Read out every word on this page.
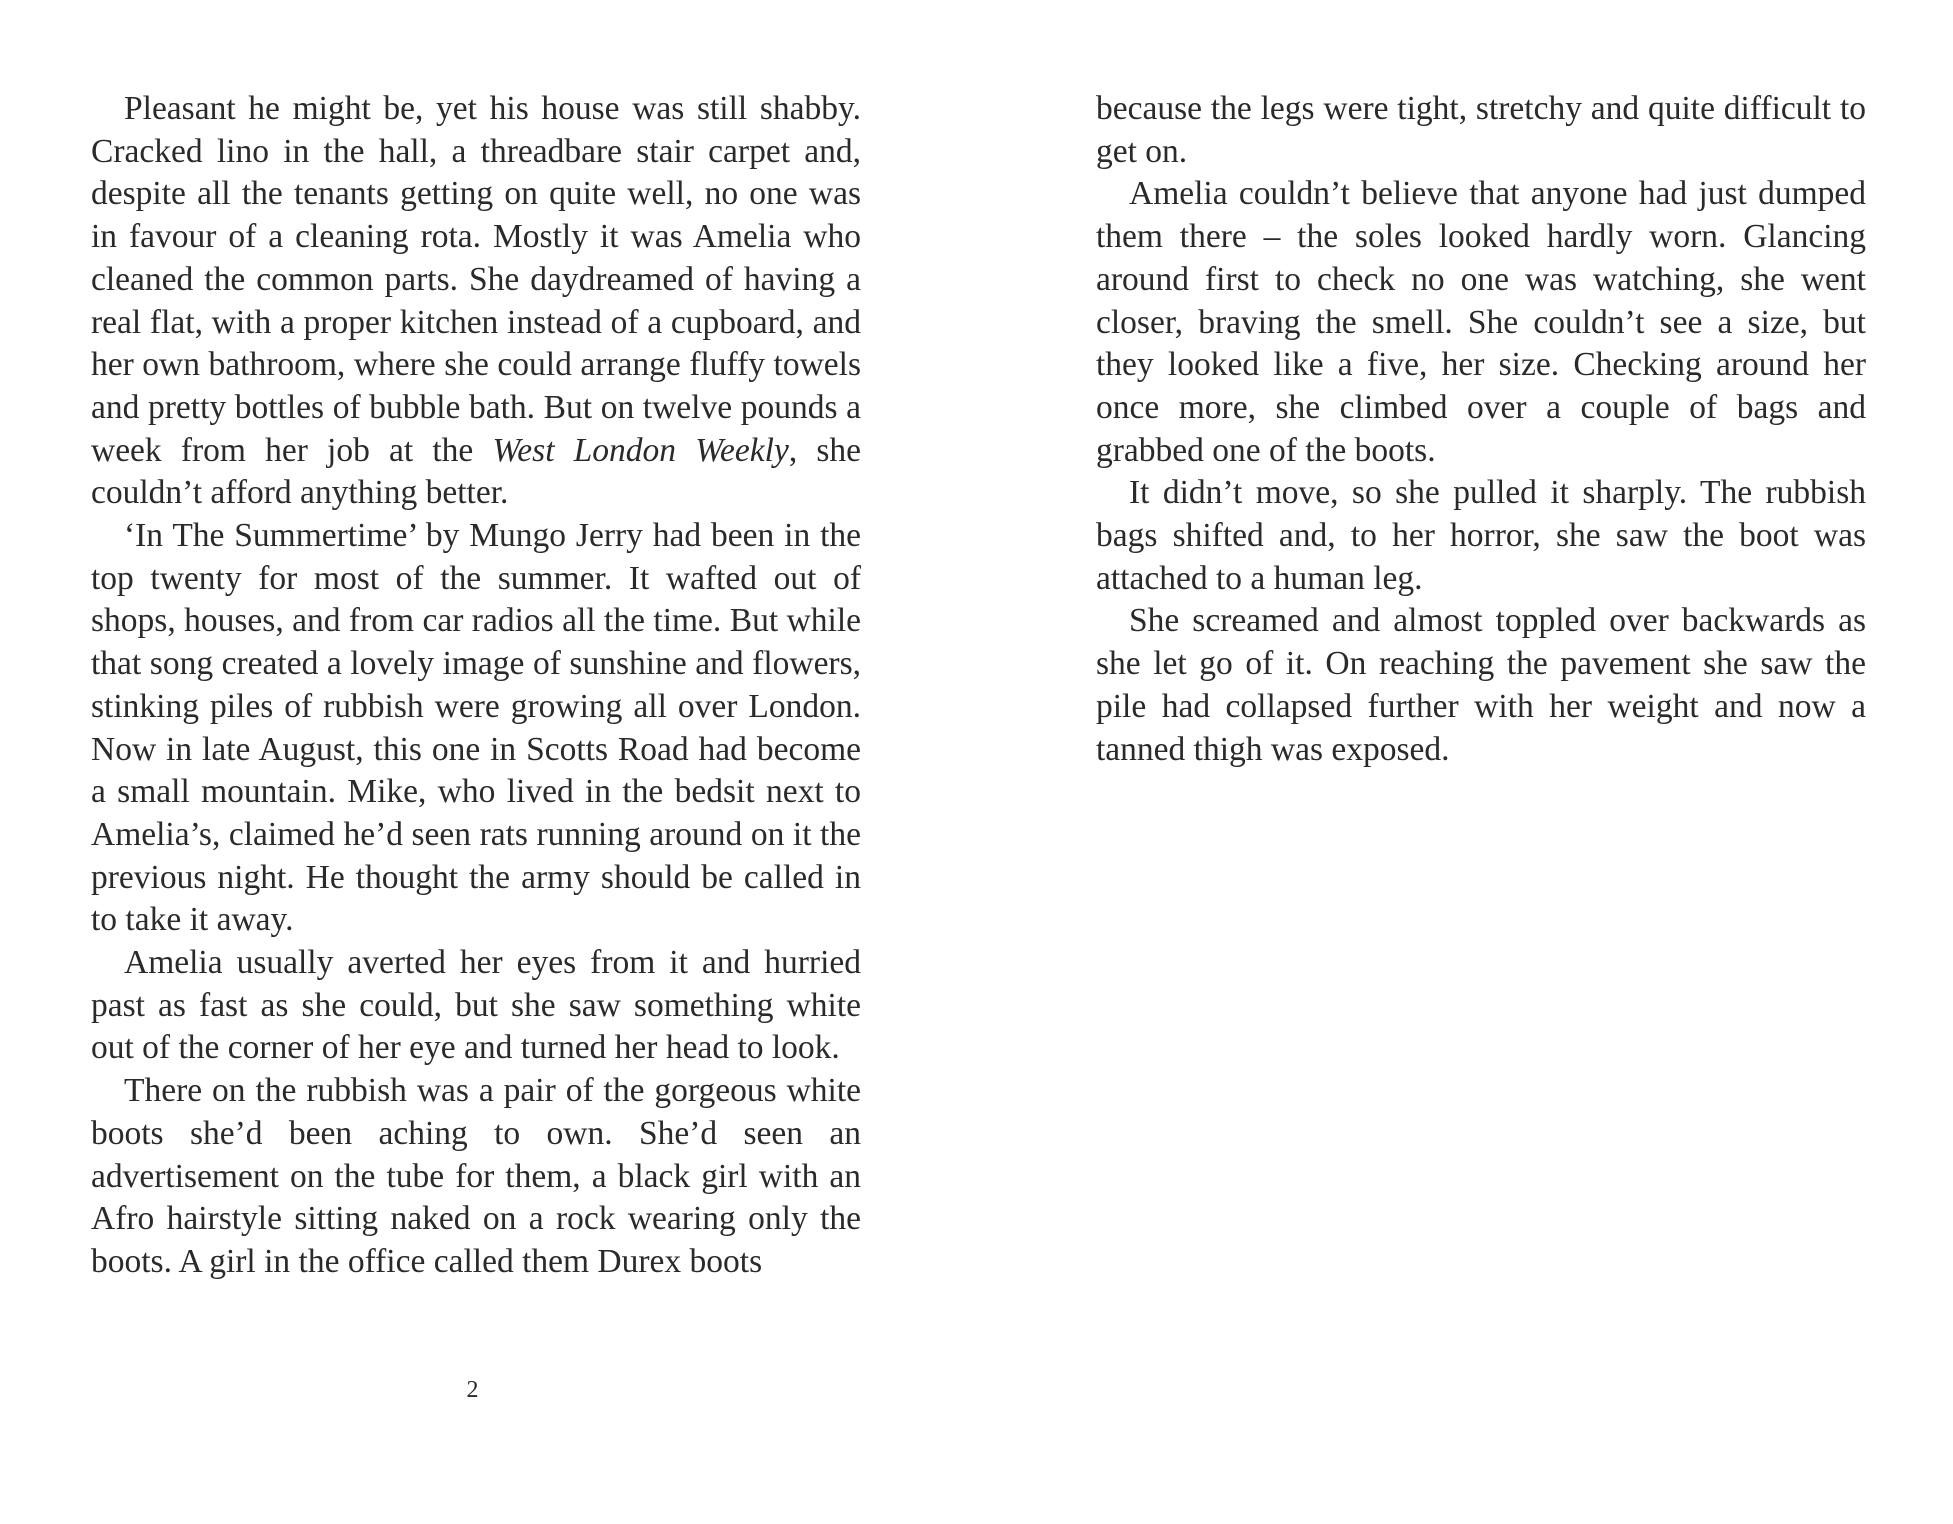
Pleasant he might be, yet his house was still shabby. Cracked lino in the hall, a threadbare stair carpet and, despite all the tenants getting on quite well, no one was in favour of a cleaning rota. Mostly it was Amelia who cleaned the common parts. She daydreamed of having a real flat, with a proper kitchen instead of a cupboard, and her own bathroom, where she could arrange fluffy towels and pretty bottles of bubble bath. But on twelve pounds a week from her job at the West London Weekly, she couldn’t afford anything better.

‘In The Summertime’ by Mungo Jerry had been in the top twenty for most of the summer. It wafted out of shops, houses, and from car radios all the time. But while that song created a lovely image of sunshine and flowers, stinking piles of rubbish were growing all over London. Now in late August, this one in Scotts Road had become a small mountain. Mike, who lived in the bedsit next to Amelia’s, claimed he’d seen rats running around on it the previous night. He thought the army should be called in to take it away.

Amelia usually averted her eyes from it and hurried past as fast as she could, but she saw something white out of the corner of her eye and turned her head to look.

There on the rubbish was a pair of the gorgeous white boots she’d been aching to own. She’d seen an advertisement on the tube for them, a black girl with an Afro hairstyle sitting naked on a rock wearing only the boots. A girl in the office called them Durex boots

2

because the legs were tight, stretchy and quite difficult to get on.

Amelia couldn’t believe that anyone had just dumped them there – the soles looked hardly worn. Glancing around first to check no one was watching, she went closer, braving the smell. She couldn’t see a size, but they looked like a five, her size. Checking around her once more, she climbed over a couple of bags and grabbed one of the boots.

It didn’t move, so she pulled it sharply. The rubbish bags shifted and, to her horror, she saw the boot was attached to a human leg.

She screamed and almost toppled over backwards as she let go of it. On reaching the pavement she saw the pile had collapsed further with her weight and now a tanned thigh was exposed.
